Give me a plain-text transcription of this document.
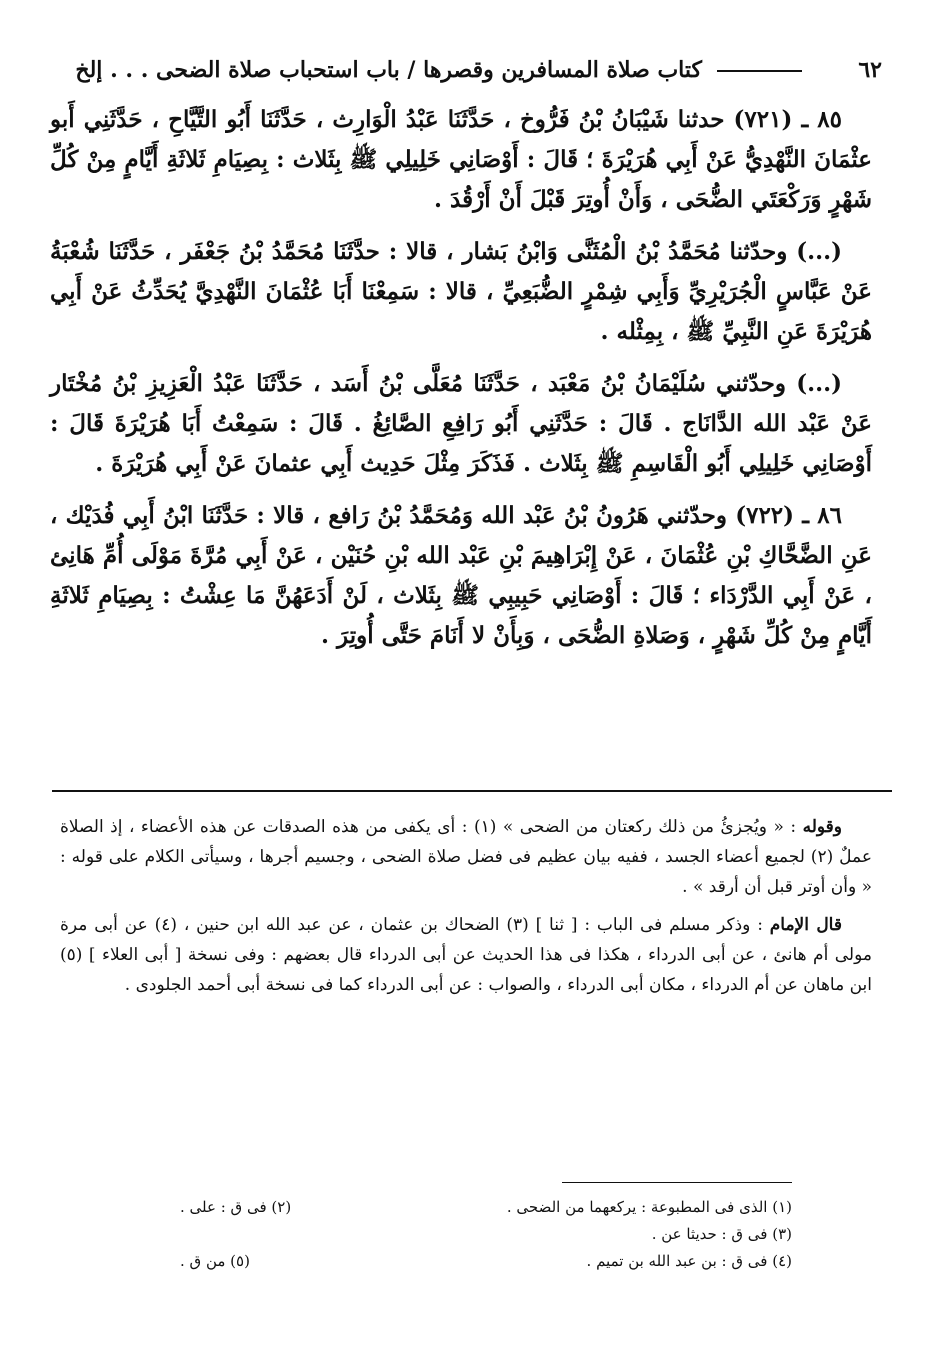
٦٢
كتاب صلاة المسافرين وقصرها / باب استحباب صلاة الضحى . . . إلخ

٨٥ ـ (٧٢١) حدثنا شَيْبَانُ بْنُ فَرُّوخ ، حَدَّثَنَا عَبْدُ الْوَارِث ، حَدَّثَنَا أَبُو التَّيَّاحِ ، حَدَّثَنِي أَبو عثْمَانَ النَّهْدِيُّ عَنْ أَبِي هُرَيْرَةَ ؛ قَالَ : أَوْصَانِي خَلِيلِي ﷺ بِثَلاث : بِصِيَامِ ثَلاثَةِ أَيَّامٍ مِنْ كُلِّ شَهْرٍ وَرَكْعَتَي الضُّحَى ، وَأَنْ أُوتِرَ قَبْلَ أَنْ أَرْقُدَ .

(...) وحدّثنا مُحَمَّدُ بْنُ الْمُثَنَّى وَابْنُ بَشار ، قالا : حدَّثَنَا مُحَمَّدُ بْنُ جَعْفَر ، حَدَّثَنَا شُعْبَةُ عَنْ عَبَّاسٍ الْجُرَيْرِيِّ وَأَبِي شِمْرٍ الضُّبَعِيِّ ، قالا : سَمِعْنَا أَبَا عُثْمَانَ النَّهْدِيَّ يُحَدِّثُ عَنْ أَبِي هُرَيْرَةَ عَنِ النَّبِيِّ ﷺ ، بِمِثْله .

(...) وحدّثني سُلَيْمَانُ بْنُ مَعْبَد ، حَدَّثَنَا مُعَلَّى بْنُ أَسَد ، حَدَّثَنَا عَبْدُ الْعَزِيزِ بْنُ مُخْتَار عَنْ عَبْد الله الدَّانَاج . قَالَ : حَدَّثَنِي أَبُو رَافِعِ الصَّائِغُ . قَالَ : سَمِعْتُ أَبَا هُرَيْرَةَ قَالَ : أَوْصَانِي خَلِيلِي أَبُو الْقَاسِمِ ﷺ بِثَلاث . فَذَكَرَ مِثْلَ حَدِيث أَبِي عثمانَ عَنْ أَبِي هُرَيْرَةَ .

٨٦ ـ (٧٢٢) وحدّثني هَرُونُ بْنُ عَبْد الله وَمُحَمَّدُ بْنُ رَافع ، قالا : حَدَّثَنَا ابْنُ أَبِي فُدَيْك ، عَنِ الضَّحَّاكِ بْنِ عُثْمَانَ ، عَنْ إِبْرَاهِيمَ بْنِ عَبْد الله بْنِ حُنَيْن ، عَنْ أَبِي مُرَّةَ مَوْلَى أُمِّ هَانِئ ، عَنْ أَبِي الدَّرْدَاء ؛ قَالَ : أَوْصَانِي حَبِيبِي ﷺ بِثَلاث ، لَنْ أَدَعَهُنَّ مَا عِشْتُ : بِصِيَامِ ثَلاثَةِ أَيَّامٍ مِنْ كُلِّ شَهْرٍ ، وَصَلاةِ الضُّحَى ، وَبِأَنْ لا أَنَامَ حَتَّى أُوتِرَ .

وقوله : « ويُجزئُ من ذلك ركعتان من الضحى » (١) : أى يكفى من هذه الصدقات عن هذه الأعضاء ، إذ الصلاة عملٌ (٢) لجميع أعضاء الجسد ، ففيه بيان عظيم فى فضل صلاة الضحى ، وجسيم أجرها ، وسيأتى الكلام على قوله : « وأن أوتر قبل أن أرقد » .

قال الإمام : وذكر مسلم فى الباب : [ ثنا ] (٣) الضحاك بن عثمان ، عن عبد الله ابن حنين ، (٤) عن أبى مرة مولى أم هانئ ، عن أبى الدرداء ، هكذا فى هذا الحديث عن أبى الدرداء قال بعضهم : وفى نسخة [ أبى العلاء ] (٥) ابن ماهان عن أم الدرداء ، مكان أبى الدرداء ، والصواب : عن أبى الدرداء كما فى نسخة أبى أحمد الجلودى .

(١) الذى فى المطبوعة : يركعهما من الضحى .
(٢) فى ق : على .
(٣) فى ق : حديثا عن .
(٤) فى ق : بن عبد الله بن تميم .
(٥) من ق .
